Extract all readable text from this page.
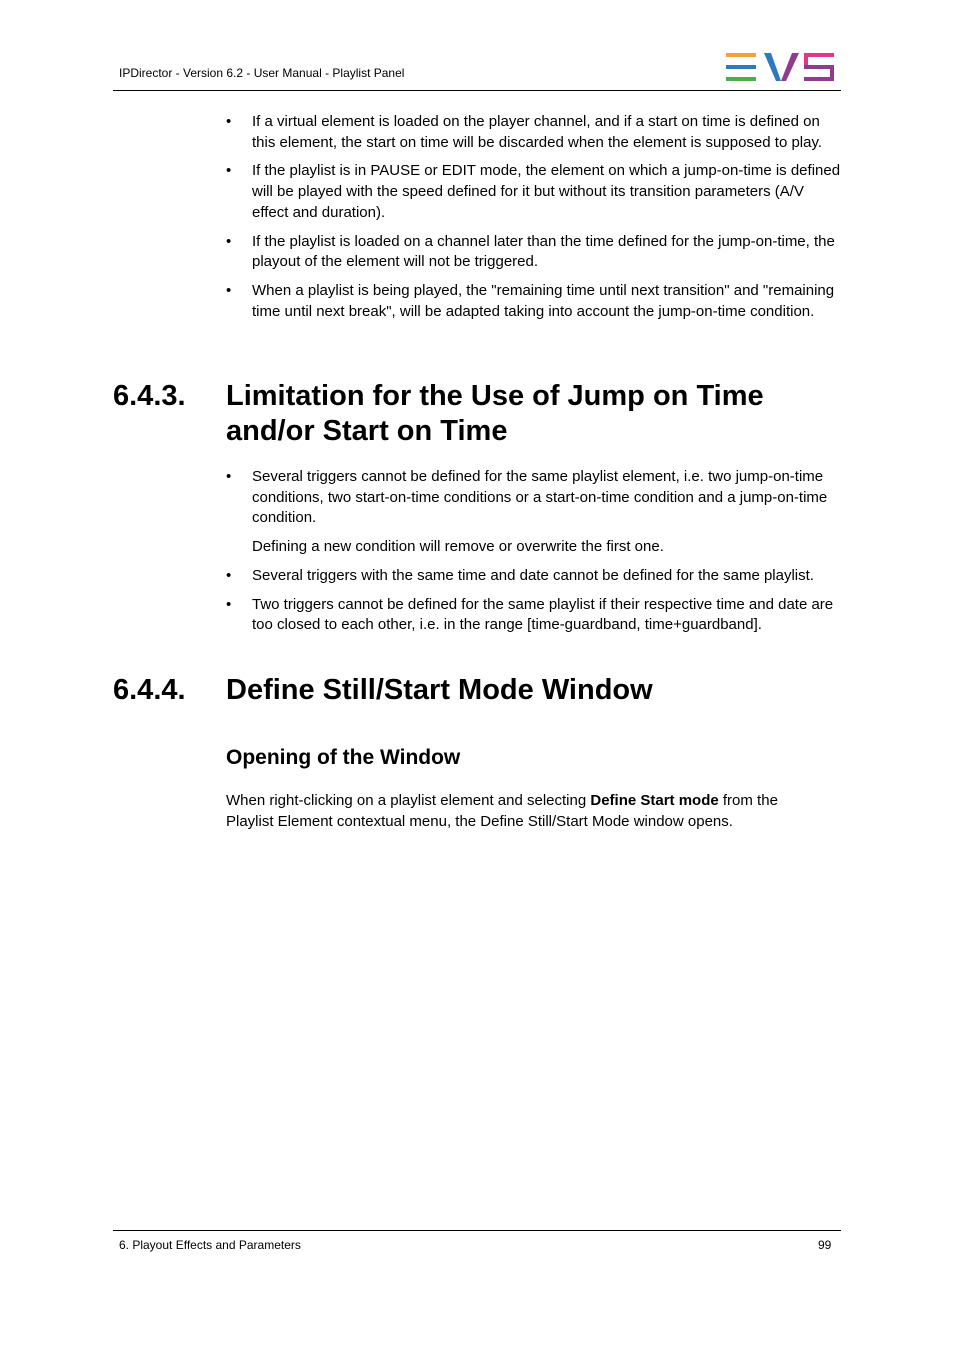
IPDirector - Version 6.2 - User Manual - Playlist Panel
• If a virtual element is loaded on the player channel, and if a start on time is defined on this element, the start on time will be discarded when the element is supposed to play.

• If the playlist is in PAUSE or EDIT mode, the element on which a jump-on-time is defined will be played with the speed defined for it but without its transition parameters (A/V effect and duration).

• If the playlist is loaded on a channel later than the time defined for the jump-on-time, the playout of the element will not be triggered.

• When a playlist is being played, the "remaining time until next transition" and "remaining time until next break", will be adapted taking into account the jump-on-time condition.

6.4.3. Limitation for the Use of Jump on Time and/or Start on Time
• Several triggers cannot be defined for the same playlist element, i.e. two jump-on-time conditions, two start-on-time conditions or a start-on-time condition and a jump-on-time condition.

Defining a new condition will remove or overwrite the first one.

• Several triggers with the same time and date cannot be defined for the same playlist.

• Two triggers cannot be defined for the same playlist if their respective time and date are too closed to each other, i.e. in the range [time-guardband, time+guardband].

6.4.4. Define Still/Start Mode Window
Opening of the Window

When right-clicking on a playlist element and selecting Define Start mode from the Playlist Element contextual menu, the Define Still/Start Mode window opens.

6. Playout Effects and Parameters	99
